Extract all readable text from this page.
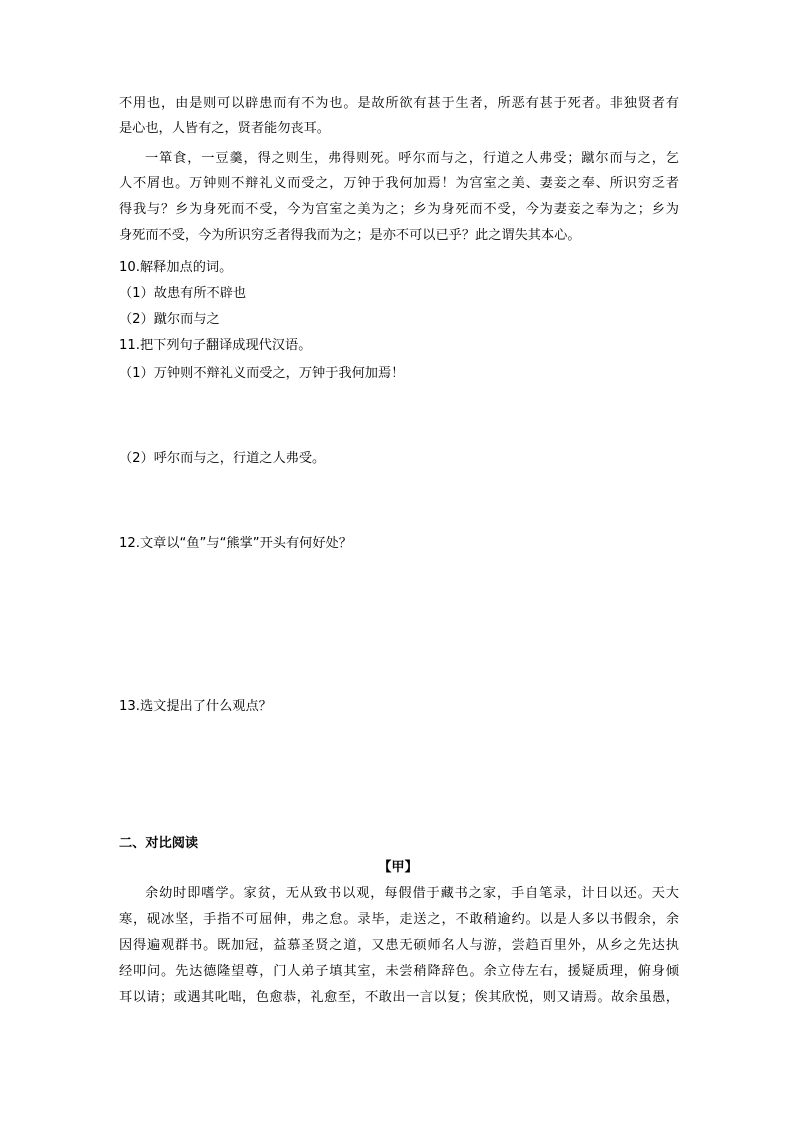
不用也，由是则可以辟患而有不为也。是故所欲有甚于生者，所恶有甚于死者。非独贤者有
是心也，人皆有之，贤者能勿丧耳。
一箪食，一豆羹，得之则生，弗得则死。呼尔而与之，行道之人弗受；蹴尔而与之，乞
人不屑也。万钟则不辩礼义而受之，万钟于我何加焉！为宫室之美、妻妾之奉、所识穷乏者
得我与？乡为身死而不受，今为宫室之美为之；乡为身死而不受，今为妻妾之奉为之；乡为
身死而不受，今为所识穷乏者得我而为之；是亦不可以已乎？此之谓失其本心。
10.解释加点的词。
（1）故患有所不辟也
（2）蹴尔而与之
11.把下列句子翻译成现代汉语。
（1）万钟则不辩礼义而受之，万钟于我何加焉！
（2）呼尔而与之，行道之人弗受。
12.文章以“鱼”与“熊掌”开头有何好处？
13.选文提出了什么观点？
二、对比阅读
【甲】
余幼时即嗜学。家贫，无从致书以观，每假借于藏书之家，手自笔录，计日以还。天大
寒，砚冰坚，手指不可屈伸，弗之怠。录毕，走送之，不敢稍逾约。以是人多以书假余，余
因得遍观群书。既加冠，益慕圣贤之道，又患无硕师名人与游，尝趋百里外，从乡之先达执
经叩问。先达德隆望尊，门人弟子填其室，未尝稍降辞色。余立侍左右，援疑质理，俯身倾
耳以请；或遇其叱咄，色愈恭，礼愈至，不敢出一言以复；俟其欣悦，则又请焉。故余虽愚，
